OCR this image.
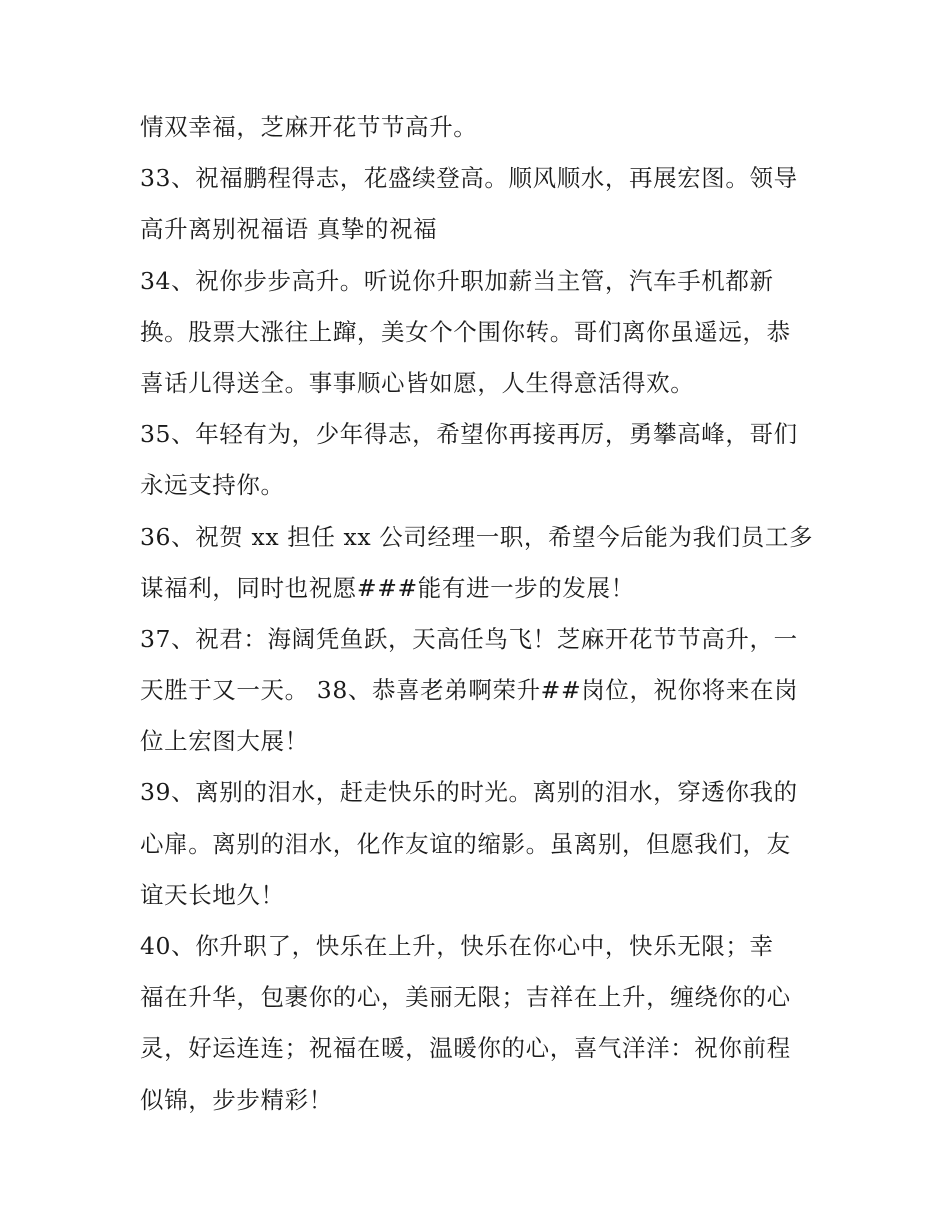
情双幸福，芝麻开花节节高升。
33、祝福鹏程得志，花盛续登高。顺风顺水，再展宏图。领导
高升离别祝福语 真挚的祝福
34、祝你步步高升。听说你升职加薪当主管，汽车手机都新
换。股票大涨往上蹿，美女个个围你转。哥们离你虽遥远，恭
喜话儿得送全。事事顺心皆如愿，人生得意活得欢。
35、年轻有为，少年得志，希望你再接再厉，勇攀高峰，哥们
永远支持你。
36、祝贺 xx 担任 xx 公司经理一职，希望今后能为我们员工多
谋福利，同时也祝愿###能有进一步的发展！
37、祝君：海阔凭鱼跃，天高任鸟飞！芝麻开花节节高升，一
天胜于又一天。 38、恭喜老弟啊荣升##岗位，祝你将来在岗
位上宏图大展！
39、离别的泪水，赶走快乐的时光。离别的泪水，穿透你我的
心扉。离别的泪水，化作友谊的缩影。虽离别，但愿我们，友
谊天长地久！
40、你升职了，快乐在上升，快乐在你心中，快乐无限；幸
福在升华，包裹你的心，美丽无限；吉祥在上升，缠绕你的心
灵，好运连连；祝福在暖，温暖你的心，喜气洋洋：祝你前程
似锦，步步精彩！
